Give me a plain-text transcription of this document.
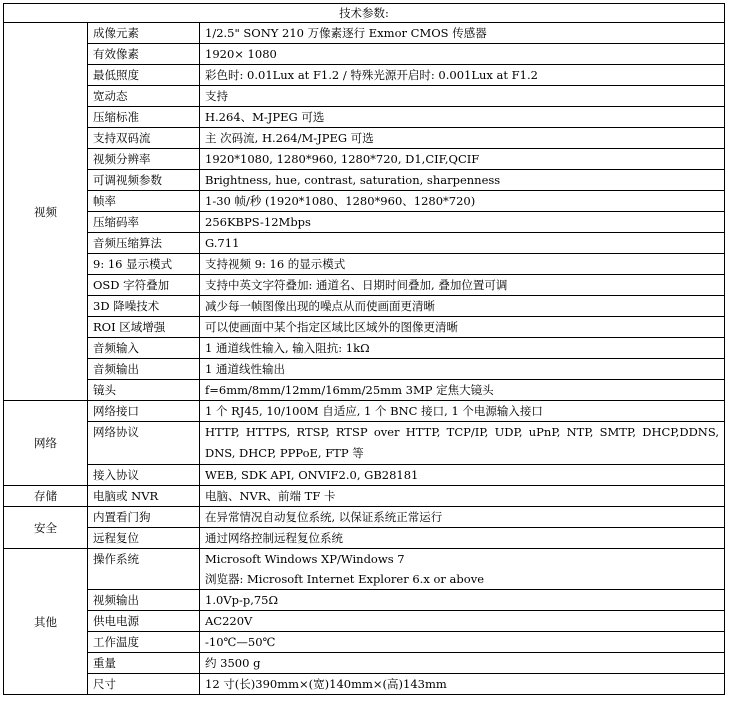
技术参数:		
视频	成像元素	1/2.5" SONY 210 万像素逐行 Exmor CMOS 传感器
	有效像素	1920× 1080
	最低照度	彩色时: 0.01Lux at F1.2 / 特殊光源开启时: 0.001Lux at F1.2
	宽动态	支持
	压缩标准	H.264、M-JPEG 可选
	支持双码流	主 次码流, H.264/M-JPEG 可选
	视频分辨率	1920*1080, 1280*960, 1280*720, D1,CIF,QCIF
	可调视频参数	Brightness, hue, contrast, saturation, sharpenness
	帧率	1-30 帧/秒 (1920*1080、1280*960、1280*720)
	压缩码率	256KBPS-12Mbps
	音频压缩算法	G.711
	9: 16 显示模式	支持视频 9: 16 的显示模式
	OSD 字符叠加	支持中英文字符叠加: 通道名、日期时间叠加, 叠加位置可调
	3D 降噪技术	减少每一帧图像出现的噪点从而使画面更清晰
	ROI 区域增强	可以使画面中某个指定区域比区域外的图像更清晰
	音频输入	1 通道线性输入, 输入阻抗: 1kΩ
	音频输出	1 通道线性输出
	镜头	f=6mm/8mm/12mm/16mm/25mm 3MP 定焦大镜头
网络	网络接口	1 个 RJ45, 10/100M 自适应, 1 个 BNC 接口, 1 个电源输入接口
	网络协议	HTTP, HTTPS, RTSP, RTSP over HTTP, TCP/IP, UDP, uPnP, NTP, SMTP, DHCP,DDNS, DNS, DHCP, PPPoE, FTP 等

	接入协议	WEB, SDK API, ONVIF2.0, GB28181
存储	电脑或 NVR	电脑、NVR、前端 TF 卡
安全	内置看门狗	在异常情况自动复位系统, 以保证系统正常运行
	远程复位	通过网络控制远程复位系统
其他	操作系统	Microsoft Windows XP/Windows 7
		浏览器: Microsoft Internet Explorer 6.x or above
	视频输出	1.0Vp-p,75Ω
	供电电源	AC220V
	工作温度	-10℃—50℃
	重量	约 3500 g
	尺寸	12 寸(长)390mm×(宽)140mm×(高)143mm
